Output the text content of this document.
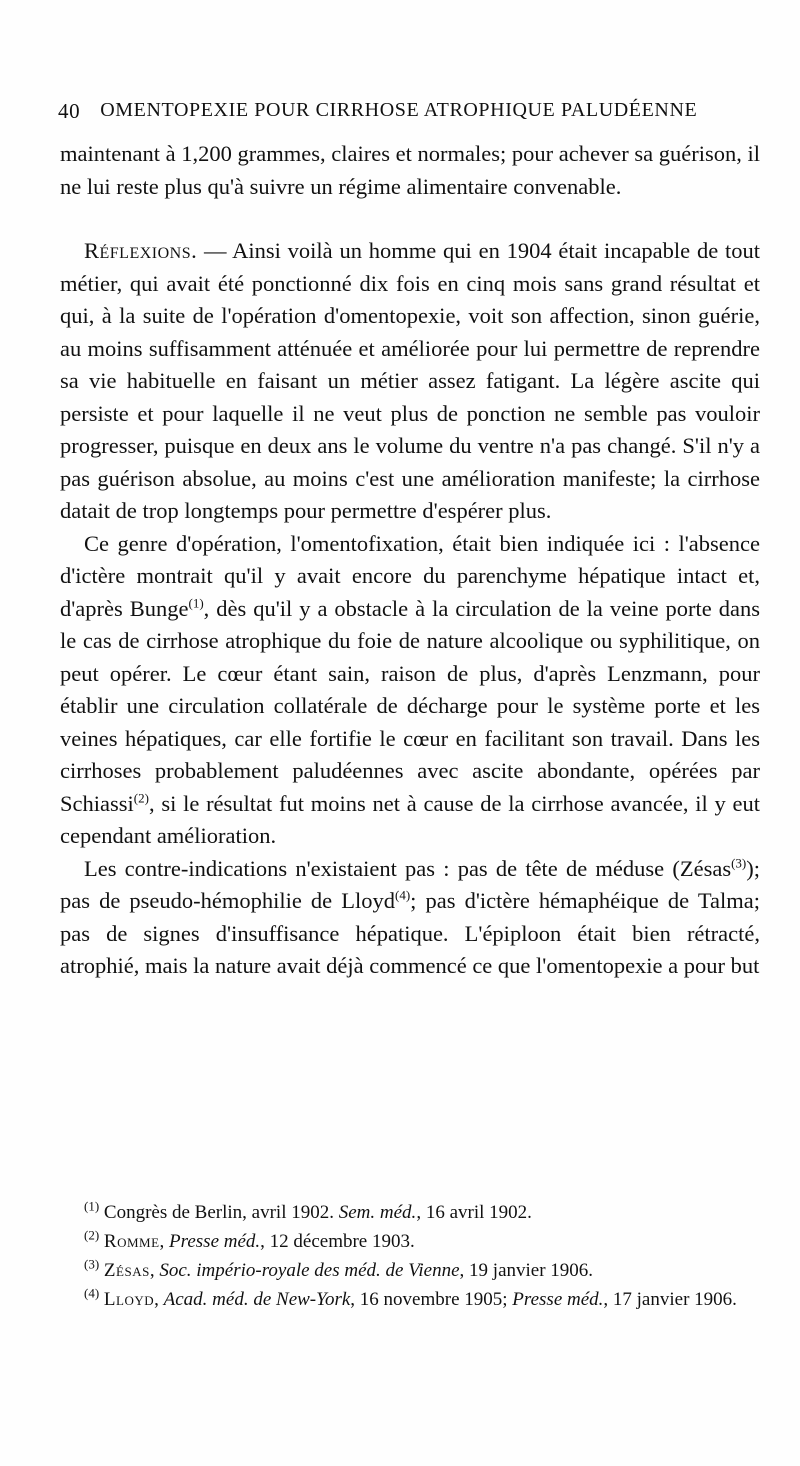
40 OMENTOPEXIE POUR CIRRHOSE ATROPHIQUE PALUDÉENNE

maintenant à 1,200 grammes, claires et normales; pour achever sa guérison, il ne lui reste plus qu'à suivre un régime alimentaire convenable.

Réflexions. — Ainsi voilà un homme qui en 1904 était incapable de tout métier, qui avait été ponctionné dix fois en cinq mois sans grand résultat et qui, à la suite de l'opération d'omentopexie, voit son affection, sinon guérie, au moins suffisamment atténuée et améliorée pour lui permettre de reprendre sa vie habituelle en faisant un métier assez fatigant. La légère ascite qui persiste et pour laquelle il ne veut plus de ponction ne semble pas vouloir progresser, puisque en deux ans le volume du ventre n'a pas changé. S'il n'y a pas guérison absolue, au moins c'est une amélioration manifeste; la cirrhose datait de trop longtemps pour permettre d'espérer plus.

Ce genre d'opération, l'omentofixation, était bien indiquée ici : l'absence d'ictère montrait qu'il y avait encore du parenchyme hépatique intact et, d'après Bunge$^{(1)}$, dès qu'il y a obstacle à la circulation de la veine porte dans le cas de cirrhose atrophique du foie de nature alcoolique ou syphilitique, on peut opérer. Le cœur étant sain, raison de plus, d'après Lenzmann, pour établir une circulation collatérale de décharge pour le système porte et les veines hépatiques, car elle fortifie le cœur en facilitant son travail. Dans les cirrhoses probablement paludéennes avec ascite abondante, opérées par Schiassi$^{(2)}$, si le résultat fut moins net à cause de la cirrhose avancée, il y eut cependant amélioration.

Les contre-indications n'existaient pas : pas de tête de méduse (Zésas$^{(3)}$); pas de pseudo-hémophilie de Lloyd$^{(4)}$; pas d'ictère hémaphéique de Talma; pas de signes d'insuffisance hépatique. L'épiploon était bien rétracté, atrophié, mais la nature avait déjà commencé ce que l'omentopexie a pour but

$^{(1)}$ Congrès de Berlin, avril 1902. Sem. méd., 16 avril 1902.

$^{(2)}$ Romme, Presse méd., 12 décembre 1903.

$^{(3)}$ Zésas, Soc. império-royale des méd. de Vienne, 19 janvier 1906.

$^{(4)}$ Lloyd, Acad. méd. de New-York, 16 novembre 1905; Presse méd., 17 janvier 1906.
